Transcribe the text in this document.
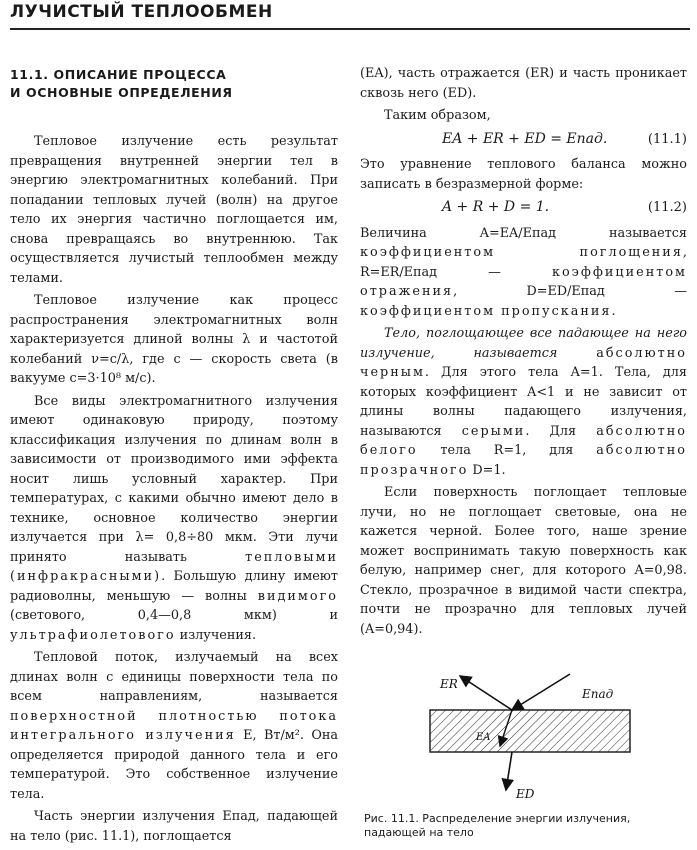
ЛУЧИСТЫЙ ТЕПЛООБМЕН
11.1. ОПИСАНИЕ ПРОЦЕССА
И ОСНОВНЫЕ ОПРЕДЕЛЕНИЯ

Тепловое излучение есть результат превращения внутренней энергии тел в энергию электромагнитных колебаний. При попадании тепловых лучей (волн) на другое тело их энергия частично поглощается им, снова превращаясь во внутреннюю. Так осуществляется лучистый теплообмен между телами.

Тепловое излучение как процесс распространения электромагнитных волн характеризуется длиной волны λ и частотой колебаний ν=c/λ, где c — скорость света (в вакууме c=3·10⁸ м/с).

Все виды электромагнитного излучения имеют одинаковую природу, поэтому классификация излучения по длинам волн в зависимости от производимого ими эффекта носит лишь условный характер. При температурах, с какими обычно имеют дело в технике, основное количество энергии излучается при λ= 0,8÷80 мкм. Эти лучи принято называть тепловыми (инфракрасными). Большую длину имеют радиоволны, меньшую — волны видимого (светового, 0,4—0,8 мкм) и ультрафиолетового излучения.

Тепловой поток, излучаемый на всех длинах волн с единицы поверхности тела по всем направлениям, называется поверхностной плотностью потока интегрального излучения E, Вт/м². Она определяется природой данного тела и его температурой. Это собственное излучение тела.

Часть энергии излучения Eпад, падающей на тело (рис. 11.1), поглощается

(EA), часть отражается (ER) и часть проникает сквозь него (ED).

Таким образом,

EA + ER + ED = Eпад.	(11.1)

Это уравнение теплового баланса можно записать в безразмерной форме:

A + R + D = 1.	(11.2)

Величина A=EA/Eпад называется коэффициентом поглощения, R=ER/Eпад — коэффициентом отражения, D=ED/Eпад — коэффициентом пропускания.

Тело, поглощающее все падающее на него излучение, называется абсолютно черным. Для этого тела A=1. Тела, для которых коэффициент A<1 и не зависит от длины волны падающего излучения, называются серыми. Для абсолютно белого тела R=1, для абсолютно прозрачного D=1.

Если поверхность поглощает тепловые лучи, но не поглощает световые, она не кажется черной. Более того, наше зрение может воспринимать такую поверхность как белую, например снег, для которого A=0,98. Стекло, прозрачное в видимой части спектра, почти не прозрачно для тепловых лучей (A=0,94).

ER
Eпад
EA
ED
Рис. 11.1. Распределение энергии излучения, падающей на тело
